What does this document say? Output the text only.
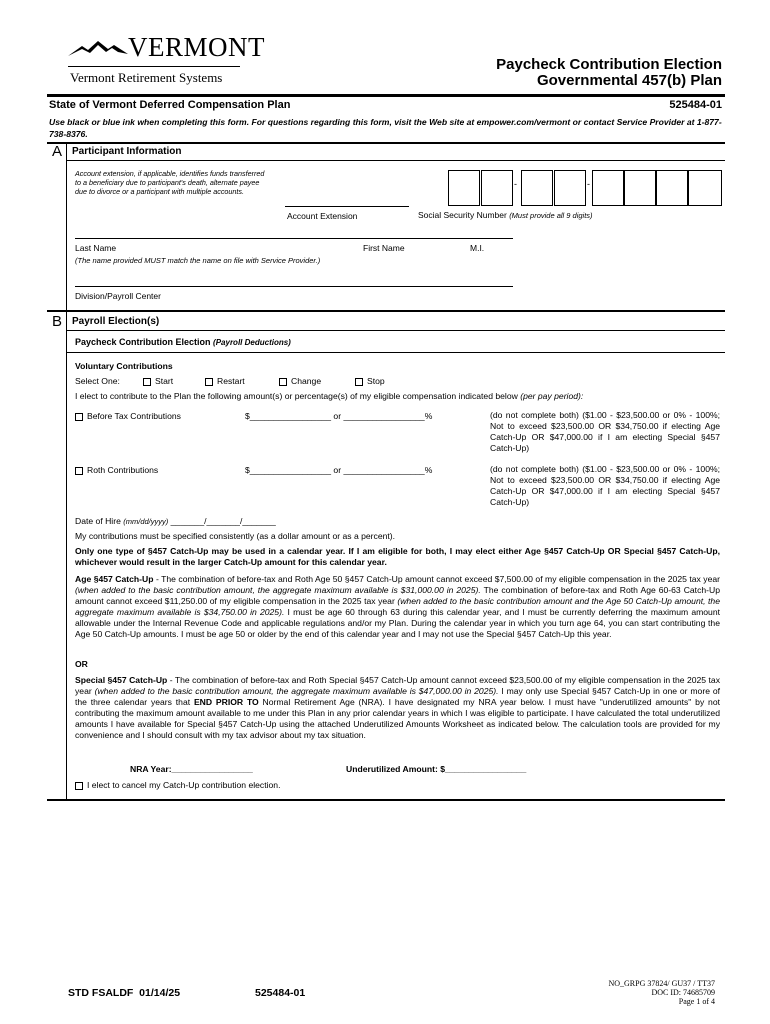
VERMONT
Vermont Retirement Systems
Paycheck Contribution Election
Governmental 457(b) Plan
State of Vermont Deferred Compensation Plan	525484-01
Use black or blue ink when completing this form. For questions regarding this form, visit the Web site at empower.com/vermont or contact Service Provider at 1-877-738-8376.
A Participant Information
Account extension, if applicable, identifies funds transferred to a beneficiary due to participant's death, alternate payee due to divorce or a participant with multiple accounts.
Account Extension
-	-
Social Security Number (Must provide all 9 digits)
Last Name	First Name	M.I.
(The name provided MUST match the name on file with Service Provider.)
Division/Payroll Center
B Payroll Election(s)
Paycheck Contribution Election (Payroll Deductions)
Voluntary Contributions
Select One:	Start	Restart	Change	Stop
I elect to contribute to the Plan the following amount(s) or percentage(s) of my eligible compensation indicated below (per pay period):
Before Tax Contributions	$_________________ or _________________%	(do not complete both) ($1.00 - $23,500.00 or 0% - 100%; Not to exceed $23,500.00 OR $34,750.00 if electing Age Catch-Up OR $47,000.00 if I am electing Special §457 Catch-Up)
Roth Contributions	$_________________ or _________________%	(do not complete both) ($1.00 - $23,500.00 or 0% - 100%; Not to exceed $23,500.00 OR $34,750.00 if electing Age Catch-Up OR $47,000.00 if I am electing Special §457 Catch-Up)
Date of Hire (mm/dd/yyyy) _______/_______/_______
My contributions must be specified consistently (as a dollar amount or as a percent).
Only one type of §457 Catch-Up may be used in a calendar year. If I am eligible for both, I may elect either Age §457 Catch-Up OR Special §457 Catch-Up, whichever would result in the larger Catch-Up amount for this calendar year.
Age §457 Catch-Up - The combination of before-tax and Roth Age 50 §457 Catch-Up amount cannot exceed $7,500.00 of my eligible compensation in the 2025 tax year (when added to the basic contribution amount, the aggregate maximum available is $31,000.00 in 2025). The combination of before-tax and Roth Age 60-63 Catch-Up amount cannot exceed $11,250.00 of my eligible compensation in the 2025 tax year (when added to the basic contribution amount and the Age 50 Catch-Up amount, the aggregate maximum available is $34,750.00 in 2025). I must be age 60 through 63 during this calendar year, and I must be currently deferring the maximum amount allowable under the Internal Revenue Code and applicable regulations and/or my Plan. During the calendar year in which you turn age 64, you can start contributing the Age 50 Catch-Up amounts. I must be age 50 or older by the end of this calendar year and I may not use the Special §457 Catch-Up this year.
OR
Special §457 Catch-Up - The combination of before-tax and Roth Special §457 Catch-Up amount cannot exceed $23,500.00 of my eligible compensation in the 2025 tax year (when added to the basic contribution amount, the aggregate maximum available is $47,000.00 in 2025). I may only use Special §457 Catch-Up in one or more of the three calendar years that END PRIOR TO Normal Retirement Age (NRA). I have designated my NRA year below. I must have "underutilized amounts" by not contributing the maximum amount available to me under this Plan in any prior calendar years in which I was eligible to participate. I have calculated the total underutilized amounts I have available for Special §457 Catch-Up using the attached Underutilized Amounts Worksheet as indicated below. The calculation tools are provided for my convenience and I should consult with my tax advisor about my tax situation.
NRA Year:_________________	Underutilized Amount: $_________________
I elect to cancel my Catch-Up contribution election.
STD FSALDF  01/14/25	525484-01
NO_GRPG 37824/ GU37 / TT37
DOC ID: 74685709
Page 1 of 4
